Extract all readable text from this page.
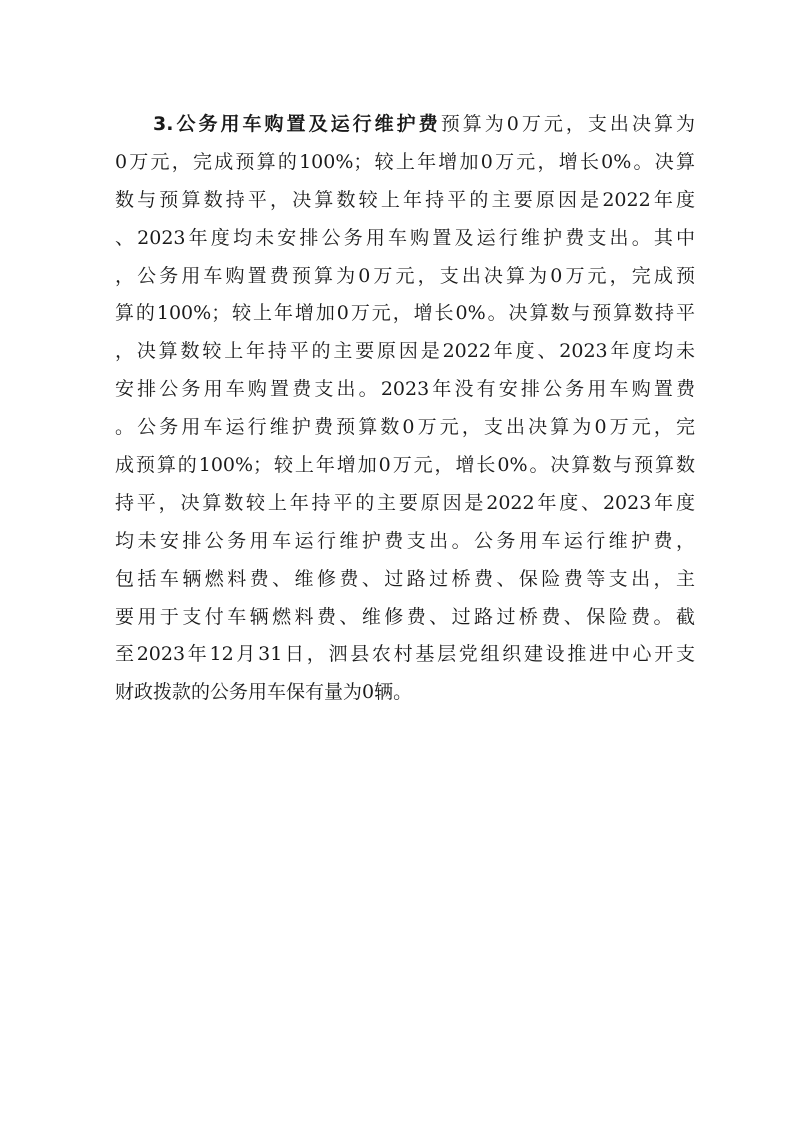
3.公务用车购置及运行维护费预算为0万元，支出决算为
0万元，完成预算的100%；较上年增加0万元，增长0%。决算
数与预算数持平，决算数较上年持平的主要原因是2022年度
、2023年度均未安排公务用车购置及运行维护费支出。其中
，公务用车购置费预算为0万元，支出决算为0万元，完成预
算的100%；较上年增加0万元，增长0%。决算数与预算数持平
，决算数较上年持平的主要原因是2022年度、2023年度均未
安排公务用车购置费支出。2023年没有安排公务用车购置费
。公务用车运行维护费预算数0万元，支出决算为0万元，完
成预算的100%；较上年增加0万元，增长0%。决算数与预算数
持平，决算数较上年持平的主要原因是2022年度、2023年度
均未安排公务用车运行维护费支出。公务用车运行维护费，
包括车辆燃料费、维修费、过路过桥费、保险费等支出，主
要用于支付车辆燃料费、维修费、过路过桥费、保险费。截
至2023年12月31日，泗县农村基层党组织建设推进中心开支
财政拨款的公务用车保有量为0辆。
